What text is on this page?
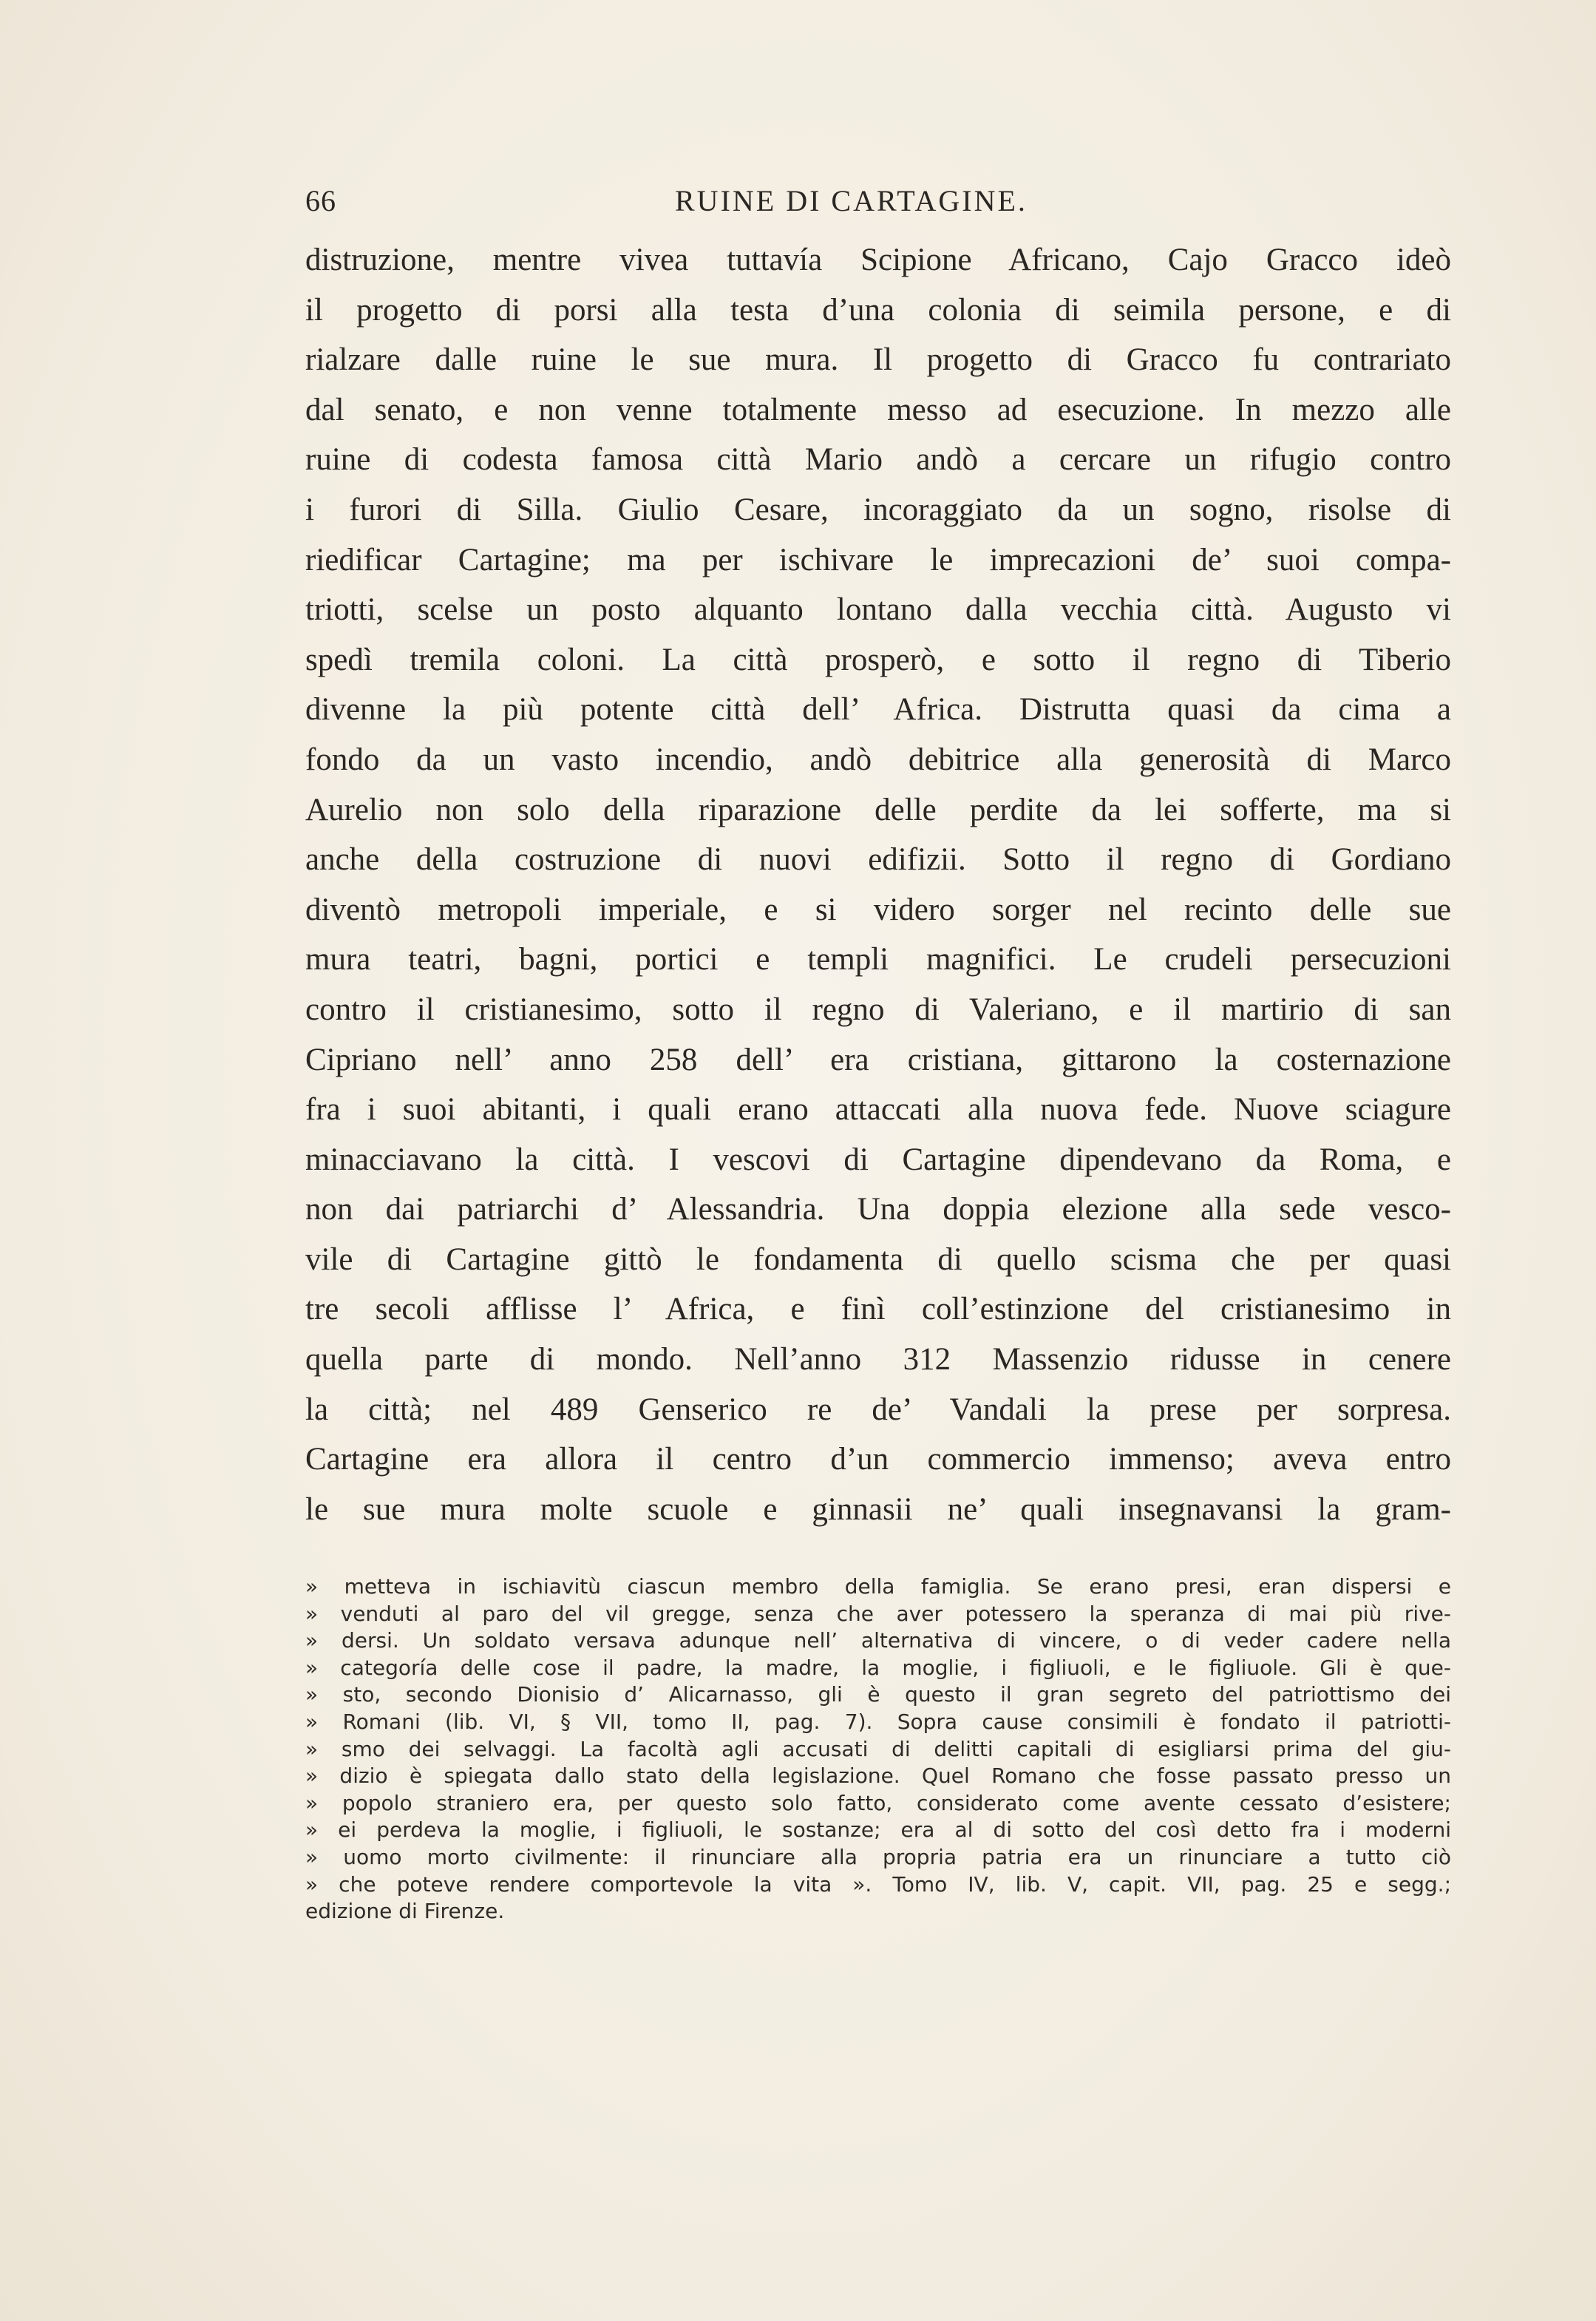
66	RUINE DI CARTAGINE.
distruzione, mentre vivea tuttavía Scipione Africano, Cajo Gracco ideò
il progetto di porsi alla testa d’una colonia di seimila persone, e di
rialzare dalle ruine le sue mura. Il progetto di Gracco fu contrariato
dal senato, e non venne totalmente messo ad esecuzione. In mezzo alle
ruine di codesta famosa città Mario andò a cercare un rifugio contro
i furori di Silla. Giulio Cesare, incoraggiato da un sogno, risolse di
riedificar Cartagine; ma per ischivare le imprecazioni de’ suoi compa-
triotti, scelse un posto alquanto lontano dalla vecchia città. Augusto vi
spedì tremila coloni. La città prosperò, e sotto il regno di Tiberio
divenne la più potente città dell’ Africa. Distrutta quasi da cima a
fondo da un vasto incendio, andò debitrice alla generosità di Marco
Aurelio non solo della riparazione delle perdite da lei sofferte, ma si
anche della costruzione di nuovi edifizii. Sotto il regno di Gordiano
diventò metropoli imperiale, e si videro sorger nel recinto delle sue
mura teatri, bagni, portici e templi magnifici. Le crudeli persecuzioni
contro il cristianesimo, sotto il regno di Valeriano, e il martirio di san
Cipriano nell’ anno 258 dell’ era cristiana, gittarono la costernazione
fra i suoi abitanti, i quali erano attaccati alla nuova fede. Nuove sciagure
minacciavano la città. I vescovi di Cartagine dipendevano da Roma, e
non dai patriarchi d’ Alessandria. Una doppia elezione alla sede vesco-
vile di Cartagine gittò le fondamenta di quello scisma che per quasi
tre secoli afflisse l’ Africa, e finì coll’estinzione del cristianesimo in
quella parte di mondo. Nell’anno 312 Massenzio ridusse in cenere
la città; nel 489 Genserico re de’ Vandali la prese per sorpresa.
Cartagine era allora il centro d’un commercio immenso; aveva entro
le sue mura molte scuole e ginnasii ne’ quali insegnavansi la gram-
» metteva in ischiavitù ciascun membro della famiglia. Se erano presi, eran dispersi e
» venduti al paro del vil gregge, senza che aver potessero la speranza di mai più rive-
» dersi. Un soldato versava adunque nell’ alternativa di vincere, o di veder cadere nella
» categoría delle cose il padre, la madre, la moglie, i figliuoli, e le figliuole. Gli è que-
» sto, secondo Dionisio d’ Alicarnasso, gli è questo il gran segreto del patriottismo dei
» Romani (lib. VI, § VII, tomo II, pag. 7). Sopra cause consimili è fondato il patriotti-
» smo dei selvaggi. La facoltà agli accusati di delitti capitali di esigliarsi prima del giu-
» dizio è spiegata dallo stato della legislazione. Quel Romano che fosse passato presso un
» popolo straniero era, per questo solo fatto, considerato come avente cessato d’esistere;
» ei perdeva la moglie, i figliuoli, le sostanze; era al di sotto del così detto fra i moderni
» uomo morto civilmente: il rinunciare alla propria patria era un rinunciare a tutto ciò
» che poteve rendere comportevole la vita ». Tomo IV, lib. V, capit. VII, pag. 25 e segg.;
edizione di Firenze.
